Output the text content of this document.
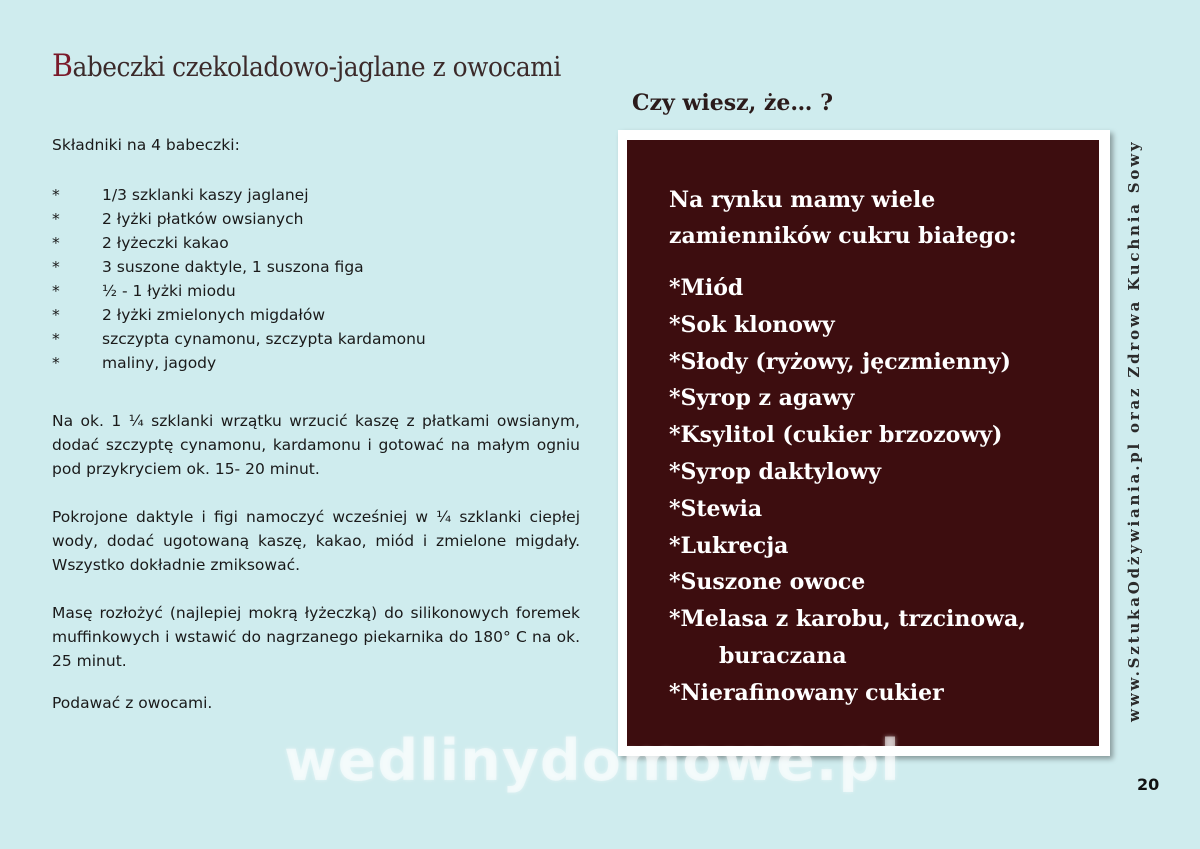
Babeczki czekoladowo-jaglane z owocami

Składniki na 4 babeczki:

*	1/3 szklanki kaszy jaglanej
*	2 łyżki płatków owsianych
*	2 łyżeczki kakao
*	3 suszone daktyle, 1 suszona figa
*	½ - 1 łyżki miodu
*	2 łyżki zmielonych migdałów
*	szczypta cynamonu, szczypta kardamonu
*	maliny, jagody

Na ok. 1 ¼ szklanki wrzątku wrzucić kaszę z płatkami owsianym, dodać szczyptę cynamonu, kardamonu i gotować na małym ogniu pod przykryciem ok. 15- 20 minut.

Pokrojone daktyle i figi namoczyć wcześniej w ¼ szklanki ciepłej wody, dodać ugotowaną kaszę, kakao, miód i zmielone migdały. Wszystko dokładnie zmiksować.

Masę rozłożyć (najlepiej mokrą łyżeczką) do silikonowych foremek muffinkowych i wstawić do nagrzanego piekarnika do 180° C na ok. 25 minut.

Podawać z owocami.

Czy wiesz, że… ?

Na rynku mamy wiele
zamienników cukru białego:

*Miód
*Sok klonowy
*Słody (ryżowy, jęczmienny)
*Syrop z agawy
*Ksylitol (cukier brzozowy)
*Syrop daktylowy
*Stewia
*Lukrecja
*Suszone owoce
*Melasa z karobu, trzcinowa,
buraczana
*Nierafinowany cukier	www.SztukaOdżywiania.pl oraz Zdrowa Kuchnia Sowy
20
wedlinydomowe.pl
